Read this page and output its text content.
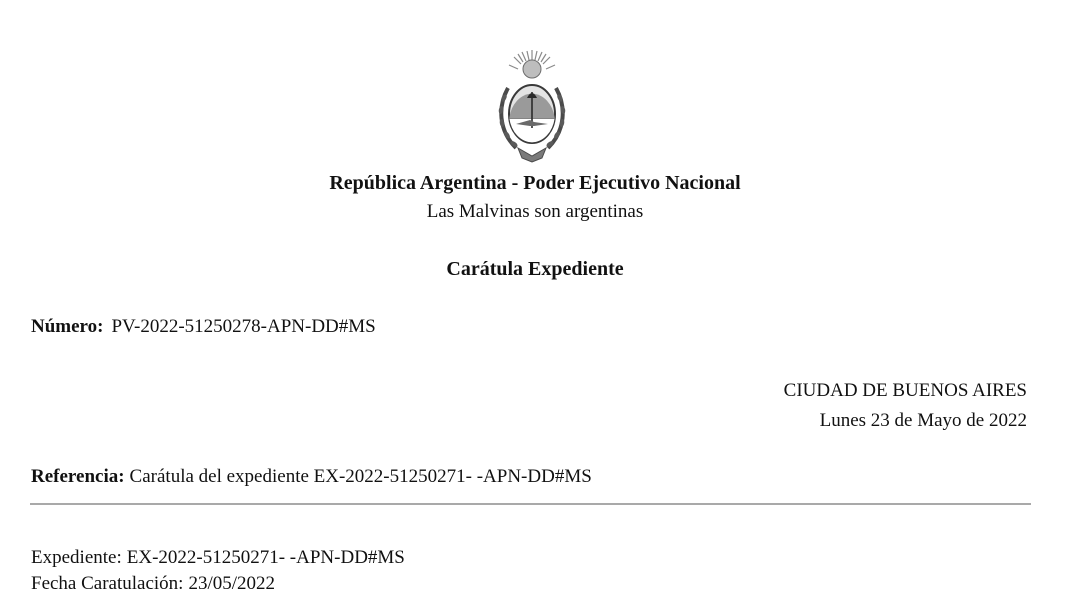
República Argentina - Poder Ejecutivo Nacional
Las Malvinas son argentinas
Carátula Expediente
Número: PV-2022-51250278-APN-DD#MS
CIUDAD DE BUENOS AIRES
Lunes 23 de Mayo de 2022
Referencia: Carátula del expediente EX-2022-51250271- -APN-DD#MS
Expediente: EX-2022-51250271- -APN-DD#MS
Fecha Caratulación: 23/05/2022
